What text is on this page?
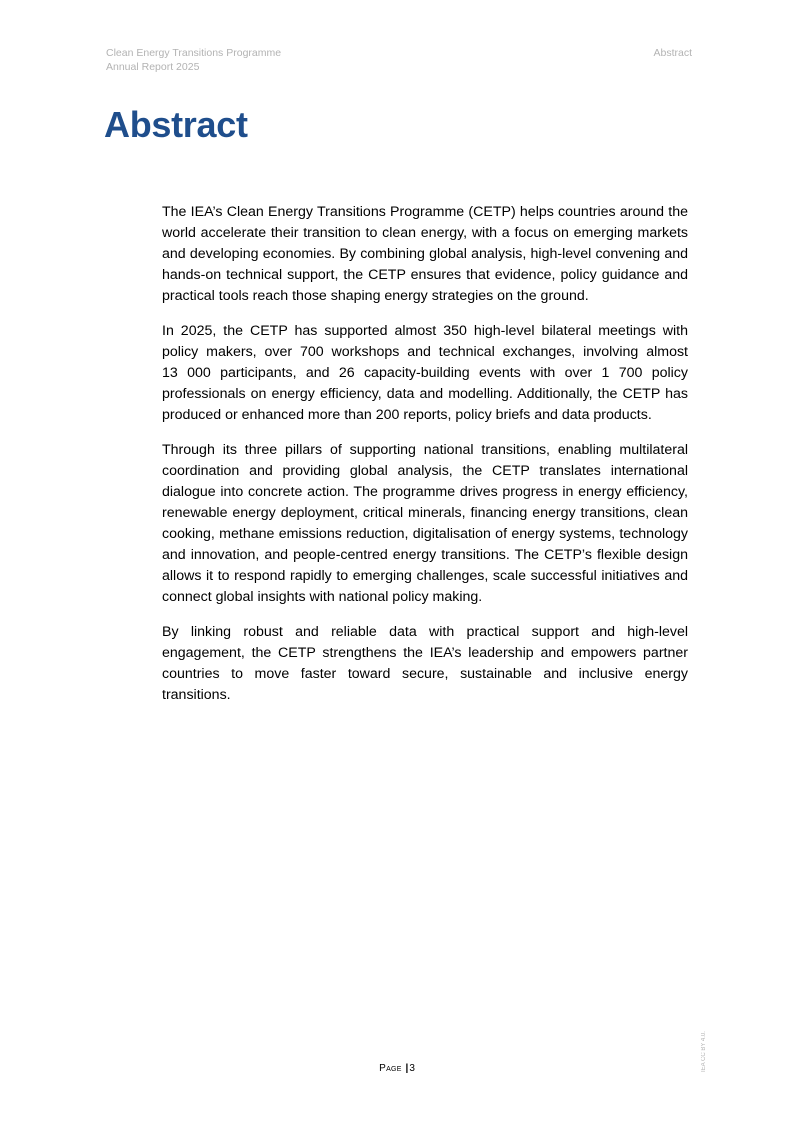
Clean Energy Transitions Programme
Annual Report 2025
Abstract
Abstract

The IEA’s Clean Energy Transitions Programme (CETP) helps countries around the world accelerate their transition to clean energy, with a focus on emerging markets and developing economies. By combining global analysis, high-level convening and hands-on technical support, the CETP ensures that evidence, policy guidance and practical tools reach those shaping energy strategies on the ground.

In 2025, the CETP has supported almost 350 high-level bilateral meetings with policy makers, over 700 workshops and technical exchanges, involving almost 13 000 participants, and 26 capacity-building events with over 1 700 policy professionals on energy efficiency, data and modelling. Additionally, the CETP has produced or enhanced more than 200 reports, policy briefs and data products.

Through its three pillars of supporting national transitions, enabling multilateral coordination and providing global analysis, the CETP translates international dialogue into concrete action. The programme drives progress in energy efficiency, renewable energy deployment, critical minerals, financing energy transitions, clean cooking, methane emissions reduction, digitalisation of energy systems, technology and innovation, and people-centred energy transitions. The CETP’s flexible design allows it to respond rapidly to emerging challenges, scale successful initiatives and connect global insights with national policy making.

By linking robust and reliable data with practical support and high-level engagement, the CETP strengthens the IEA’s leadership and empowers partner countries to move faster toward secure, sustainable and inclusive energy transitions.

IEA CC BY 4.0.
Page |3
